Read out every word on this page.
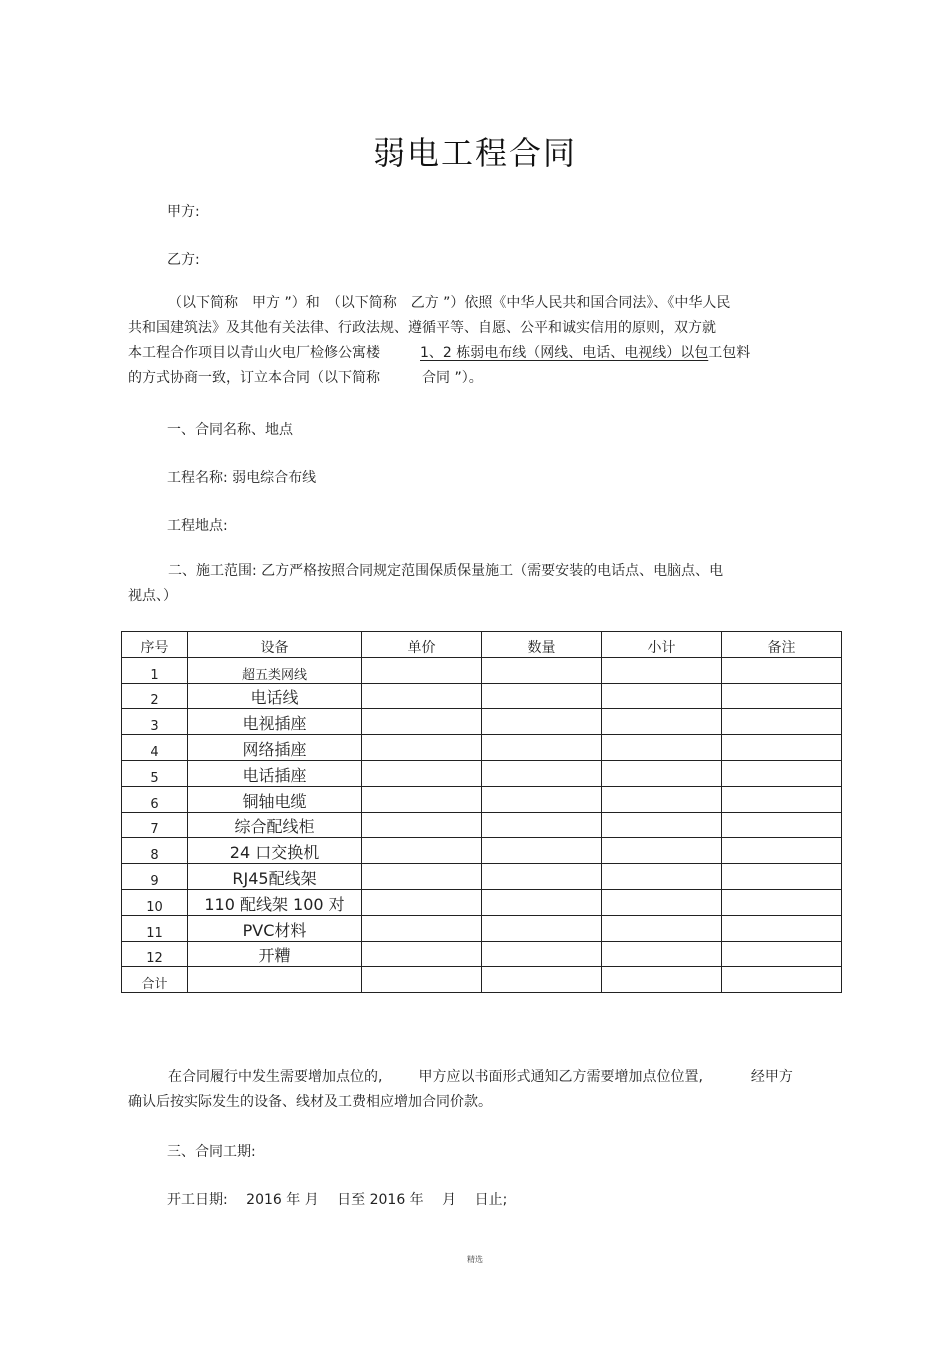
弱电工程合同
甲方:
乙方:
（以下简称　甲方 ”）和　（以下简称　乙方 ”）依照《中华人民共和国合同法》、《中华人民
共和国建筑法》及其他有关法律、行政法规、遵循平等、自愿、公平和诚实信用的原则，双方就
本工程合作项目以青山火电厂检修公寓楼	1、2 栋弱电布线（网线、电话、电视线）以包工包料
的方式协商一致，订立本合同（以下简称　　　合同 ”）。
一、合同名称、地点
工程名称: 弱电综合布线
工程地点:
二、施工范围: 乙方严格按照合同规定范围保质保量施工（需要安装的电话点、电脑点、电
视点、）
序号	设备	单价	数量	小计	备注
1	超五类网线				
2	电话线				
3	电视插座				
4	网络插座				
5	电话插座				
6	铜轴电缆				
7	综合配线柜				
8	24 口交换机				
9	RJ45配线架				
10	110 配线架 100 对				
11	PVC材料				
12	开糟				
合计					
在合同履行中发生需要增加点位的,	甲方应以书面形式通知乙方需要增加点位位置,	经甲方
确认后按实际发生的设备、线材及工费相应增加合同价款。
三、合同工期:
开工日期:　 2016 年 月　 日至 2016 年　 月　 日止;
精选
